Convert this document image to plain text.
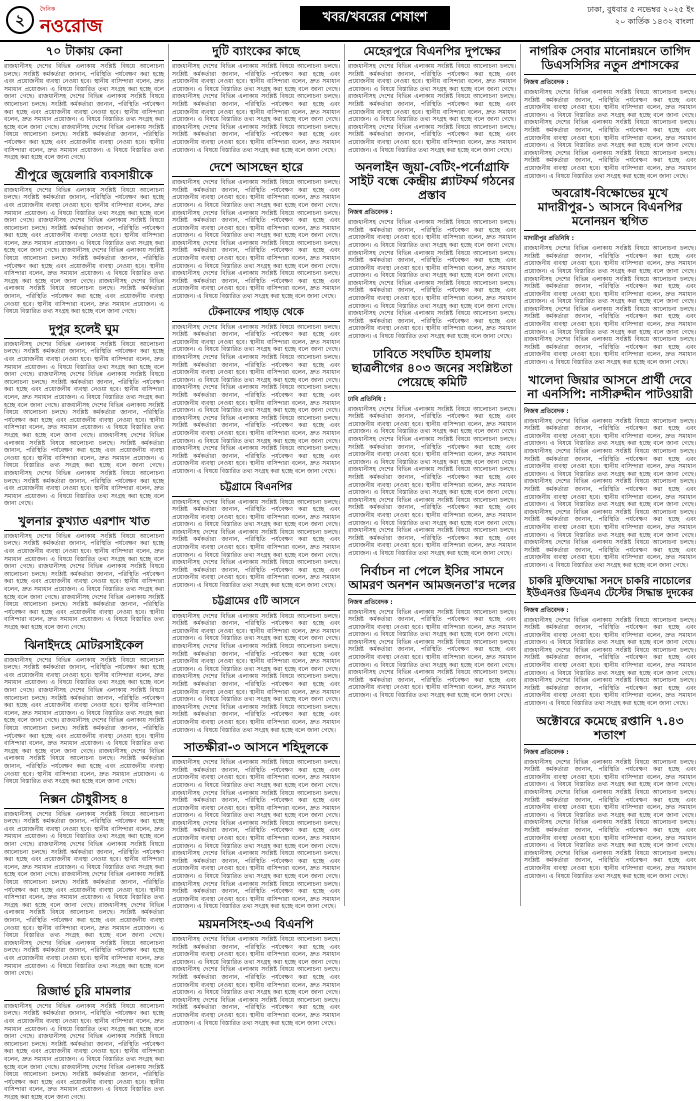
২
দৈনিক
নওরোজ	খবর/খবরের শেষাংশ
ঢাকা, বুধবার ৫ নভেম্বর ২০২৫ ইং
২০ কার্তিক ১৪৩২ বাংলা
৭০ টাকায় কেনা

রাজধানীসহ দেশের বিভিন্ন এলাকায় সংশ্লিষ্ট বিষয়ে আলোচনা চলছে। সংশ্লিষ্ট কর্মকর্তারা জানান, পরিস্থিতি পর্যবেক্ষণ করা হচ্ছে এবং প্রয়োজনীয় ব্যবস্থা নেওয়া হবে। স্থানীয় বাসিন্দারা বলেন, দ্রুত সমাধান প্রয়োজন। এ বিষয়ে বিস্তারিত তথ্য সংগ্রহ করা হচ্ছে বলে জানা গেছে। রাজধানীসহ দেশের বিভিন্ন এলাকায় সংশ্লিষ্ট বিষয়ে আলোচনা চলছে। সংশ্লিষ্ট কর্মকর্তারা জানান, পরিস্থিতি পর্যবেক্ষণ করা হচ্ছে এবং প্রয়োজনীয় ব্যবস্থা নেওয়া হবে। স্থানীয় বাসিন্দারা বলেন, দ্রুত সমাধান প্রয়োজন। এ বিষয়ে বিস্তারিত তথ্য সংগ্রহ করা হচ্ছে বলে জানা গেছে। রাজধানীসহ দেশের বিভিন্ন এলাকায় সংশ্লিষ্ট বিষয়ে আলোচনা চলছে। সংশ্লিষ্ট কর্মকর্তারা জানান, পরিস্থিতি পর্যবেক্ষণ করা হচ্ছে এবং প্রয়োজনীয় ব্যবস্থা নেওয়া হবে। স্থানীয় বাসিন্দারা বলেন, দ্রুত সমাধান প্রয়োজন। এ বিষয়ে বিস্তারিত তথ্য সংগ্রহ করা হচ্ছে বলে জানা গেছে।

শ্রীপুরে জুয়েলারি ব্যবসায়ীকে

রাজধানীসহ দেশের বিভিন্ন এলাকায় সংশ্লিষ্ট বিষয়ে আলোচনা চলছে। সংশ্লিষ্ট কর্মকর্তারা জানান, পরিস্থিতি পর্যবেক্ষণ করা হচ্ছে এবং প্রয়োজনীয় ব্যবস্থা নেওয়া হবে। স্থানীয় বাসিন্দারা বলেন, দ্রুত সমাধান প্রয়োজন। এ বিষয়ে বিস্তারিত তথ্য সংগ্রহ করা হচ্ছে বলে জানা গেছে। রাজধানীসহ দেশের বিভিন্ন এলাকায় সংশ্লিষ্ট বিষয়ে আলোচনা চলছে। সংশ্লিষ্ট কর্মকর্তারা জানান, পরিস্থিতি পর্যবেক্ষণ করা হচ্ছে এবং প্রয়োজনীয় ব্যবস্থা নেওয়া হবে। স্থানীয় বাসিন্দারা বলেন, দ্রুত সমাধান প্রয়োজন। এ বিষয়ে বিস্তারিত তথ্য সংগ্রহ করা হচ্ছে বলে জানা গেছে। রাজধানীসহ দেশের বিভিন্ন এলাকায় সংশ্লিষ্ট বিষয়ে আলোচনা চলছে। সংশ্লিষ্ট কর্মকর্তারা জানান, পরিস্থিতি পর্যবেক্ষণ করা হচ্ছে এবং প্রয়োজনীয় ব্যবস্থা নেওয়া হবে। স্থানীয় বাসিন্দারা বলেন, দ্রুত সমাধান প্রয়োজন। এ বিষয়ে বিস্তারিত তথ্য সংগ্রহ করা হচ্ছে বলে জানা গেছে। রাজধানীসহ দেশের বিভিন্ন এলাকায় সংশ্লিষ্ট বিষয়ে আলোচনা চলছে। সংশ্লিষ্ট কর্মকর্তারা জানান, পরিস্থিতি পর্যবেক্ষণ করা হচ্ছে এবং প্রয়োজনীয় ব্যবস্থা নেওয়া হবে। স্থানীয় বাসিন্দারা বলেন, দ্রুত সমাধান প্রয়োজন। এ বিষয়ে বিস্তারিত তথ্য সংগ্রহ করা হচ্ছে বলে জানা গেছে।

দুপুর হলেই ঘুম

রাজধানীসহ দেশের বিভিন্ন এলাকায় সংশ্লিষ্ট বিষয়ে আলোচনা চলছে। সংশ্লিষ্ট কর্মকর্তারা জানান, পরিস্থিতি পর্যবেক্ষণ করা হচ্ছে এবং প্রয়োজনীয় ব্যবস্থা নেওয়া হবে। স্থানীয় বাসিন্দারা বলেন, দ্রুত সমাধান প্রয়োজন। এ বিষয়ে বিস্তারিত তথ্য সংগ্রহ করা হচ্ছে বলে জানা গেছে। রাজধানীসহ দেশের বিভিন্ন এলাকায় সংশ্লিষ্ট বিষয়ে আলোচনা চলছে। সংশ্লিষ্ট কর্মকর্তারা জানান, পরিস্থিতি পর্যবেক্ষণ করা হচ্ছে এবং প্রয়োজনীয় ব্যবস্থা নেওয়া হবে। স্থানীয় বাসিন্দারা বলেন, দ্রুত সমাধান প্রয়োজন। এ বিষয়ে বিস্তারিত তথ্য সংগ্রহ করা হচ্ছে বলে জানা গেছে। রাজধানীসহ দেশের বিভিন্ন এলাকায় সংশ্লিষ্ট বিষয়ে আলোচনা চলছে। সংশ্লিষ্ট কর্মকর্তারা জানান, পরিস্থিতি পর্যবেক্ষণ করা হচ্ছে এবং প্রয়োজনীয় ব্যবস্থা নেওয়া হবে। স্থানীয় বাসিন্দারা বলেন, দ্রুত সমাধান প্রয়োজন। এ বিষয়ে বিস্তারিত তথ্য সংগ্রহ করা হচ্ছে বলে জানা গেছে। রাজধানীসহ দেশের বিভিন্ন এলাকায় সংশ্লিষ্ট বিষয়ে আলোচনা চলছে। সংশ্লিষ্ট কর্মকর্তারা জানান, পরিস্থিতি পর্যবেক্ষণ করা হচ্ছে এবং প্রয়োজনীয় ব্যবস্থা নেওয়া হবে। স্থানীয় বাসিন্দারা বলেন, দ্রুত সমাধান প্রয়োজন। এ বিষয়ে বিস্তারিত তথ্য সংগ্রহ করা হচ্ছে বলে জানা গেছে। রাজধানীসহ দেশের বিভিন্ন এলাকায় সংশ্লিষ্ট বিষয়ে আলোচনা চলছে। সংশ্লিষ্ট কর্মকর্তারা জানান, পরিস্থিতি পর্যবেক্ষণ করা হচ্ছে এবং প্রয়োজনীয় ব্যবস্থা নেওয়া হবে। স্থানীয় বাসিন্দারা বলেন, দ্রুত সমাধান প্রয়োজন। এ বিষয়ে বিস্তারিত তথ্য সংগ্রহ করা হচ্ছে বলে জানা গেছে।

খুলনার কুখ্যাত এরশাদ খাত

রাজধানীসহ দেশের বিভিন্ন এলাকায় সংশ্লিষ্ট বিষয়ে আলোচনা চলছে। সংশ্লিষ্ট কর্মকর্তারা জানান, পরিস্থিতি পর্যবেক্ষণ করা হচ্ছে এবং প্রয়োজনীয় ব্যবস্থা নেওয়া হবে। স্থানীয় বাসিন্দারা বলেন, দ্রুত সমাধান প্রয়োজন। এ বিষয়ে বিস্তারিত তথ্য সংগ্রহ করা হচ্ছে বলে জানা গেছে। রাজধানীসহ দেশের বিভিন্ন এলাকায় সংশ্লিষ্ট বিষয়ে আলোচনা চলছে। সংশ্লিষ্ট কর্মকর্তারা জানান, পরিস্থিতি পর্যবেক্ষণ করা হচ্ছে এবং প্রয়োজনীয় ব্যবস্থা নেওয়া হবে। স্থানীয় বাসিন্দারা বলেন, দ্রুত সমাধান প্রয়োজন। এ বিষয়ে বিস্তারিত তথ্য সংগ্রহ করা হচ্ছে বলে জানা গেছে। রাজধানীসহ দেশের বিভিন্ন এলাকায় সংশ্লিষ্ট বিষয়ে আলোচনা চলছে। সংশ্লিষ্ট কর্মকর্তারা জানান, পরিস্থিতি পর্যবেক্ষণ করা হচ্ছে এবং প্রয়োজনীয় ব্যবস্থা নেওয়া হবে। স্থানীয় বাসিন্দারা বলেন, দ্রুত সমাধান প্রয়োজন। এ বিষয়ে বিস্তারিত তথ্য সংগ্রহ করা হচ্ছে বলে জানা গেছে।

ঝিনাইদহে মোটরসাইকেল

রাজধানীসহ দেশের বিভিন্ন এলাকায় সংশ্লিষ্ট বিষয়ে আলোচনা চলছে। সংশ্লিষ্ট কর্মকর্তারা জানান, পরিস্থিতি পর্যবেক্ষণ করা হচ্ছে এবং প্রয়োজনীয় ব্যবস্থা নেওয়া হবে। স্থানীয় বাসিন্দারা বলেন, দ্রুত সমাধান প্রয়োজন। এ বিষয়ে বিস্তারিত তথ্য সংগ্রহ করা হচ্ছে বলে জানা গেছে। রাজধানীসহ দেশের বিভিন্ন এলাকায় সংশ্লিষ্ট বিষয়ে আলোচনা চলছে। সংশ্লিষ্ট কর্মকর্তারা জানান, পরিস্থিতি পর্যবেক্ষণ করা হচ্ছে এবং প্রয়োজনীয় ব্যবস্থা নেওয়া হবে। স্থানীয় বাসিন্দারা বলেন, দ্রুত সমাধান প্রয়োজন। এ বিষয়ে বিস্তারিত তথ্য সংগ্রহ করা হচ্ছে বলে জানা গেছে। রাজধানীসহ দেশের বিভিন্ন এলাকায় সংশ্লিষ্ট বিষয়ে আলোচনা চলছে। সংশ্লিষ্ট কর্মকর্তারা জানান, পরিস্থিতি পর্যবেক্ষণ করা হচ্ছে এবং প্রয়োজনীয় ব্যবস্থা নেওয়া হবে। স্থানীয় বাসিন্দারা বলেন, দ্রুত সমাধান প্রয়োজন। এ বিষয়ে বিস্তারিত তথ্য সংগ্রহ করা হচ্ছে বলে জানা গেছে। রাজধানীসহ দেশের বিভিন্ন এলাকায় সংশ্লিষ্ট বিষয়ে আলোচনা চলছে। সংশ্লিষ্ট কর্মকর্তারা জানান, পরিস্থিতি পর্যবেক্ষণ করা হচ্ছে এবং প্রয়োজনীয় ব্যবস্থা নেওয়া হবে। স্থানীয় বাসিন্দারা বলেন, দ্রুত সমাধান প্রয়োজন। এ বিষয়ে বিস্তারিত তথ্য সংগ্রহ করা হচ্ছে বলে জানা গেছে।

নিক্সন চৌধুরীসহ ৪

রাজধানীসহ দেশের বিভিন্ন এলাকায় সংশ্লিষ্ট বিষয়ে আলোচনা চলছে। সংশ্লিষ্ট কর্মকর্তারা জানান, পরিস্থিতি পর্যবেক্ষণ করা হচ্ছে এবং প্রয়োজনীয় ব্যবস্থা নেওয়া হবে। স্থানীয় বাসিন্দারা বলেন, দ্রুত সমাধান প্রয়োজন। এ বিষয়ে বিস্তারিত তথ্য সংগ্রহ করা হচ্ছে বলে জানা গেছে। রাজধানীসহ দেশের বিভিন্ন এলাকায় সংশ্লিষ্ট বিষয়ে আলোচনা চলছে। সংশ্লিষ্ট কর্মকর্তারা জানান, পরিস্থিতি পর্যবেক্ষণ করা হচ্ছে এবং প্রয়োজনীয় ব্যবস্থা নেওয়া হবে। স্থানীয় বাসিন্দারা বলেন, দ্রুত সমাধান প্রয়োজন। এ বিষয়ে বিস্তারিত তথ্য সংগ্রহ করা হচ্ছে বলে জানা গেছে। রাজধানীসহ দেশের বিভিন্ন এলাকায় সংশ্লিষ্ট বিষয়ে আলোচনা চলছে। সংশ্লিষ্ট কর্মকর্তারা জানান, পরিস্থিতি পর্যবেক্ষণ করা হচ্ছে এবং প্রয়োজনীয় ব্যবস্থা নেওয়া হবে। স্থানীয় বাসিন্দারা বলেন, দ্রুত সমাধান প্রয়োজন। এ বিষয়ে বিস্তারিত তথ্য সংগ্রহ করা হচ্ছে বলে জানা গেছে। রাজধানীসহ দেশের বিভিন্ন এলাকায় সংশ্লিষ্ট বিষয়ে আলোচনা চলছে। সংশ্লিষ্ট কর্মকর্তারা জানান, পরিস্থিতি পর্যবেক্ষণ করা হচ্ছে এবং প্রয়োজনীয় ব্যবস্থা নেওয়া হবে। স্থানীয় বাসিন্দারা বলেন, দ্রুত সমাধান প্রয়োজন। এ বিষয়ে বিস্তারিত তথ্য সংগ্রহ করা হচ্ছে বলে জানা গেছে। রাজধানীসহ দেশের বিভিন্ন এলাকায় সংশ্লিষ্ট বিষয়ে আলোচনা চলছে। সংশ্লিষ্ট কর্মকর্তারা জানান, পরিস্থিতি পর্যবেক্ষণ করা হচ্ছে এবং প্রয়োজনীয় ব্যবস্থা নেওয়া হবে। স্থানীয় বাসিন্দারা বলেন, দ্রুত সমাধান প্রয়োজন। এ বিষয়ে বিস্তারিত তথ্য সংগ্রহ করা হচ্ছে বলে জানা গেছে।

রিজার্ভ চুরি মামলার

রাজধানীসহ দেশের বিভিন্ন এলাকায় সংশ্লিষ্ট বিষয়ে আলোচনা চলছে। সংশ্লিষ্ট কর্মকর্তারা জানান, পরিস্থিতি পর্যবেক্ষণ করা হচ্ছে এবং প্রয়োজনীয় ব্যবস্থা নেওয়া হবে। স্থানীয় বাসিন্দারা বলেন, দ্রুত সমাধান প্রয়োজন। এ বিষয়ে বিস্তারিত তথ্য সংগ্রহ করা হচ্ছে বলে জানা গেছে। রাজধানীসহ দেশের বিভিন্ন এলাকায় সংশ্লিষ্ট বিষয়ে আলোচনা চলছে। সংশ্লিষ্ট কর্মকর্তারা জানান, পরিস্থিতি পর্যবেক্ষণ করা হচ্ছে এবং প্রয়োজনীয় ব্যবস্থা নেওয়া হবে। স্থানীয় বাসিন্দারা বলেন, দ্রুত সমাধান প্রয়োজন। এ বিষয়ে বিস্তারিত তথ্য সংগ্রহ করা হচ্ছে বলে জানা গেছে। রাজধানীসহ দেশের বিভিন্ন এলাকায় সংশ্লিষ্ট বিষয়ে আলোচনা চলছে। সংশ্লিষ্ট কর্মকর্তারা জানান, পরিস্থিতি পর্যবেক্ষণ করা হচ্ছে এবং প্রয়োজনীয় ব্যবস্থা নেওয়া হবে। স্থানীয় বাসিন্দারা বলেন, দ্রুত সমাধান প্রয়োজন। এ বিষয়ে বিস্তারিত তথ্য সংগ্রহ করা হচ্ছে বলে জানা গেছে।

দুটি ব্যাংকের কাছে

রাজধানীসহ দেশের বিভিন্ন এলাকায় সংশ্লিষ্ট বিষয়ে আলোচনা চলছে। সংশ্লিষ্ট কর্মকর্তারা জানান, পরিস্থিতি পর্যবেক্ষণ করা হচ্ছে এবং প্রয়োজনীয় ব্যবস্থা নেওয়া হবে। স্থানীয় বাসিন্দারা বলেন, দ্রুত সমাধান প্রয়োজন। এ বিষয়ে বিস্তারিত তথ্য সংগ্রহ করা হচ্ছে বলে জানা গেছে। রাজধানীসহ দেশের বিভিন্ন এলাকায় সংশ্লিষ্ট বিষয়ে আলোচনা চলছে। সংশ্লিষ্ট কর্মকর্তারা জানান, পরিস্থিতি পর্যবেক্ষণ করা হচ্ছে এবং প্রয়োজনীয় ব্যবস্থা নেওয়া হবে। স্থানীয় বাসিন্দারা বলেন, দ্রুত সমাধান প্রয়োজন। এ বিষয়ে বিস্তারিত তথ্য সংগ্রহ করা হচ্ছে বলে জানা গেছে। রাজধানীসহ দেশের বিভিন্ন এলাকায় সংশ্লিষ্ট বিষয়ে আলোচনা চলছে। সংশ্লিষ্ট কর্মকর্তারা জানান, পরিস্থিতি পর্যবেক্ষণ করা হচ্ছে এবং প্রয়োজনীয় ব্যবস্থা নেওয়া হবে। স্থানীয় বাসিন্দারা বলেন, দ্রুত সমাধান প্রয়োজন। এ বিষয়ে বিস্তারিত তথ্য সংগ্রহ করা হচ্ছে বলে জানা গেছে।

দেশে আসছেন হারে

রাজধানীসহ দেশের বিভিন্ন এলাকায় সংশ্লিষ্ট বিষয়ে আলোচনা চলছে। সংশ্লিষ্ট কর্মকর্তারা জানান, পরিস্থিতি পর্যবেক্ষণ করা হচ্ছে এবং প্রয়োজনীয় ব্যবস্থা নেওয়া হবে। স্থানীয় বাসিন্দারা বলেন, দ্রুত সমাধান প্রয়োজন। এ বিষয়ে বিস্তারিত তথ্য সংগ্রহ করা হচ্ছে বলে জানা গেছে। রাজধানীসহ দেশের বিভিন্ন এলাকায় সংশ্লিষ্ট বিষয়ে আলোচনা চলছে। সংশ্লিষ্ট কর্মকর্তারা জানান, পরিস্থিতি পর্যবেক্ষণ করা হচ্ছে এবং প্রয়োজনীয় ব্যবস্থা নেওয়া হবে। স্থানীয় বাসিন্দারা বলেন, দ্রুত সমাধান প্রয়োজন। এ বিষয়ে বিস্তারিত তথ্য সংগ্রহ করা হচ্ছে বলে জানা গেছে। রাজধানীসহ দেশের বিভিন্ন এলাকায় সংশ্লিষ্ট বিষয়ে আলোচনা চলছে। সংশ্লিষ্ট কর্মকর্তারা জানান, পরিস্থিতি পর্যবেক্ষণ করা হচ্ছে এবং প্রয়োজনীয় ব্যবস্থা নেওয়া হবে। স্থানীয় বাসিন্দারা বলেন, দ্রুত সমাধান প্রয়োজন। এ বিষয়ে বিস্তারিত তথ্য সংগ্রহ করা হচ্ছে বলে জানা গেছে। রাজধানীসহ দেশের বিভিন্ন এলাকায় সংশ্লিষ্ট বিষয়ে আলোচনা চলছে। সংশ্লিষ্ট কর্মকর্তারা জানান, পরিস্থিতি পর্যবেক্ষণ করা হচ্ছে এবং প্রয়োজনীয় ব্যবস্থা নেওয়া হবে। স্থানীয় বাসিন্দারা বলেন, দ্রুত সমাধান প্রয়োজন। এ বিষয়ে বিস্তারিত তথ্য সংগ্রহ করা হচ্ছে বলে জানা গেছে।

টেকনাফের পাহাড় থেকে

রাজধানীসহ দেশের বিভিন্ন এলাকায় সংশ্লিষ্ট বিষয়ে আলোচনা চলছে। সংশ্লিষ্ট কর্মকর্তারা জানান, পরিস্থিতি পর্যবেক্ষণ করা হচ্ছে এবং প্রয়োজনীয় ব্যবস্থা নেওয়া হবে। স্থানীয় বাসিন্দারা বলেন, দ্রুত সমাধান প্রয়োজন। এ বিষয়ে বিস্তারিত তথ্য সংগ্রহ করা হচ্ছে বলে জানা গেছে। রাজধানীসহ দেশের বিভিন্ন এলাকায় সংশ্লিষ্ট বিষয়ে আলোচনা চলছে। সংশ্লিষ্ট কর্মকর্তারা জানান, পরিস্থিতি পর্যবেক্ষণ করা হচ্ছে এবং প্রয়োজনীয় ব্যবস্থা নেওয়া হবে। স্থানীয় বাসিন্দারা বলেন, দ্রুত সমাধান প্রয়োজন। এ বিষয়ে বিস্তারিত তথ্য সংগ্রহ করা হচ্ছে বলে জানা গেছে। রাজধানীসহ দেশের বিভিন্ন এলাকায় সংশ্লিষ্ট বিষয়ে আলোচনা চলছে। সংশ্লিষ্ট কর্মকর্তারা জানান, পরিস্থিতি পর্যবেক্ষণ করা হচ্ছে এবং প্রয়োজনীয় ব্যবস্থা নেওয়া হবে। স্থানীয় বাসিন্দারা বলেন, দ্রুত সমাধান প্রয়োজন। এ বিষয়ে বিস্তারিত তথ্য সংগ্রহ করা হচ্ছে বলে জানা গেছে। রাজধানীসহ দেশের বিভিন্ন এলাকায় সংশ্লিষ্ট বিষয়ে আলোচনা চলছে। সংশ্লিষ্ট কর্মকর্তারা জানান, পরিস্থিতি পর্যবেক্ষণ করা হচ্ছে এবং প্রয়োজনীয় ব্যবস্থা নেওয়া হবে। স্থানীয় বাসিন্দারা বলেন, দ্রুত সমাধান প্রয়োজন। এ বিষয়ে বিস্তারিত তথ্য সংগ্রহ করা হচ্ছে বলে জানা গেছে। রাজধানীসহ দেশের বিভিন্ন এলাকায় সংশ্লিষ্ট বিষয়ে আলোচনা চলছে। সংশ্লিষ্ট কর্মকর্তারা জানান, পরিস্থিতি পর্যবেক্ষণ করা হচ্ছে এবং প্রয়োজনীয় ব্যবস্থা নেওয়া হবে। স্থানীয় বাসিন্দারা বলেন, দ্রুত সমাধান প্রয়োজন। এ বিষয়ে বিস্তারিত তথ্য সংগ্রহ করা হচ্ছে বলে জানা গেছে।

চট্টগ্রামে বিএনপির

রাজধানীসহ দেশের বিভিন্ন এলাকায় সংশ্লিষ্ট বিষয়ে আলোচনা চলছে। সংশ্লিষ্ট কর্মকর্তারা জানান, পরিস্থিতি পর্যবেক্ষণ করা হচ্ছে এবং প্রয়োজনীয় ব্যবস্থা নেওয়া হবে। স্থানীয় বাসিন্দারা বলেন, দ্রুত সমাধান প্রয়োজন। এ বিষয়ে বিস্তারিত তথ্য সংগ্রহ করা হচ্ছে বলে জানা গেছে। রাজধানীসহ দেশের বিভিন্ন এলাকায় সংশ্লিষ্ট বিষয়ে আলোচনা চলছে। সংশ্লিষ্ট কর্মকর্তারা জানান, পরিস্থিতি পর্যবেক্ষণ করা হচ্ছে এবং প্রয়োজনীয় ব্যবস্থা নেওয়া হবে। স্থানীয় বাসিন্দারা বলেন, দ্রুত সমাধান প্রয়োজন। এ বিষয়ে বিস্তারিত তথ্য সংগ্রহ করা হচ্ছে বলে জানা গেছে। রাজধানীসহ দেশের বিভিন্ন এলাকায় সংশ্লিষ্ট বিষয়ে আলোচনা চলছে। সংশ্লিষ্ট কর্মকর্তারা জানান, পরিস্থিতি পর্যবেক্ষণ করা হচ্ছে এবং প্রয়োজনীয় ব্যবস্থা নেওয়া হবে। স্থানীয় বাসিন্দারা বলেন, দ্রুত সমাধান প্রয়োজন। এ বিষয়ে বিস্তারিত তথ্য সংগ্রহ করা হচ্ছে বলে জানা গেছে।

চট্টগ্রামের ৫টি আসনে

রাজধানীসহ দেশের বিভিন্ন এলাকায় সংশ্লিষ্ট বিষয়ে আলোচনা চলছে। সংশ্লিষ্ট কর্মকর্তারা জানান, পরিস্থিতি পর্যবেক্ষণ করা হচ্ছে এবং প্রয়োজনীয় ব্যবস্থা নেওয়া হবে। স্থানীয় বাসিন্দারা বলেন, দ্রুত সমাধান প্রয়োজন। এ বিষয়ে বিস্তারিত তথ্য সংগ্রহ করা হচ্ছে বলে জানা গেছে। রাজধানীসহ দেশের বিভিন্ন এলাকায় সংশ্লিষ্ট বিষয়ে আলোচনা চলছে। সংশ্লিষ্ট কর্মকর্তারা জানান, পরিস্থিতি পর্যবেক্ষণ করা হচ্ছে এবং প্রয়োজনীয় ব্যবস্থা নেওয়া হবে। স্থানীয় বাসিন্দারা বলেন, দ্রুত সমাধান প্রয়োজন। এ বিষয়ে বিস্তারিত তথ্য সংগ্রহ করা হচ্ছে বলে জানা গেছে। রাজধানীসহ দেশের বিভিন্ন এলাকায় সংশ্লিষ্ট বিষয়ে আলোচনা চলছে। সংশ্লিষ্ট কর্মকর্তারা জানান, পরিস্থিতি পর্যবেক্ষণ করা হচ্ছে এবং প্রয়োজনীয় ব্যবস্থা নেওয়া হবে। স্থানীয় বাসিন্দারা বলেন, দ্রুত সমাধান প্রয়োজন। এ বিষয়ে বিস্তারিত তথ্য সংগ্রহ করা হচ্ছে বলে জানা গেছে। রাজধানীসহ দেশের বিভিন্ন এলাকায় সংশ্লিষ্ট বিষয়ে আলোচনা চলছে। সংশ্লিষ্ট কর্মকর্তারা জানান, পরিস্থিতি পর্যবেক্ষণ করা হচ্ছে এবং প্রয়োজনীয় ব্যবস্থা নেওয়া হবে। স্থানীয় বাসিন্দারা বলেন, দ্রুত সমাধান প্রয়োজন। এ বিষয়ে বিস্তারিত তথ্য সংগ্রহ করা হচ্ছে বলে জানা গেছে।

সাতক্ষীরা-৩ আসনে শহিদুলকে

রাজধানীসহ দেশের বিভিন্ন এলাকায় সংশ্লিষ্ট বিষয়ে আলোচনা চলছে। সংশ্লিষ্ট কর্মকর্তারা জানান, পরিস্থিতি পর্যবেক্ষণ করা হচ্ছে এবং প্রয়োজনীয় ব্যবস্থা নেওয়া হবে। স্থানীয় বাসিন্দারা বলেন, দ্রুত সমাধান প্রয়োজন। এ বিষয়ে বিস্তারিত তথ্য সংগ্রহ করা হচ্ছে বলে জানা গেছে। রাজধানীসহ দেশের বিভিন্ন এলাকায় সংশ্লিষ্ট বিষয়ে আলোচনা চলছে। সংশ্লিষ্ট কর্মকর্তারা জানান, পরিস্থিতি পর্যবেক্ষণ করা হচ্ছে এবং প্রয়োজনীয় ব্যবস্থা নেওয়া হবে। স্থানীয় বাসিন্দারা বলেন, দ্রুত সমাধান প্রয়োজন। এ বিষয়ে বিস্তারিত তথ্য সংগ্রহ করা হচ্ছে বলে জানা গেছে। রাজধানীসহ দেশের বিভিন্ন এলাকায় সংশ্লিষ্ট বিষয়ে আলোচনা চলছে। সংশ্লিষ্ট কর্মকর্তারা জানান, পরিস্থিতি পর্যবেক্ষণ করা হচ্ছে এবং প্রয়োজনীয় ব্যবস্থা নেওয়া হবে। স্থানীয় বাসিন্দারা বলেন, দ্রুত সমাধান প্রয়োজন। এ বিষয়ে বিস্তারিত তথ্য সংগ্রহ করা হচ্ছে বলে জানা গেছে। রাজধানীসহ দেশের বিভিন্ন এলাকায় সংশ্লিষ্ট বিষয়ে আলোচনা চলছে। সংশ্লিষ্ট কর্মকর্তারা জানান, পরিস্থিতি পর্যবেক্ষণ করা হচ্ছে এবং প্রয়োজনীয় ব্যবস্থা নেওয়া হবে। স্থানীয় বাসিন্দারা বলেন, দ্রুত সমাধান প্রয়োজন। এ বিষয়ে বিস্তারিত তথ্য সংগ্রহ করা হচ্ছে বলে জানা গেছে। রাজধানীসহ দেশের বিভিন্ন এলাকায় সংশ্লিষ্ট বিষয়ে আলোচনা চলছে। সংশ্লিষ্ট কর্মকর্তারা জানান, পরিস্থিতি পর্যবেক্ষণ করা হচ্ছে এবং প্রয়োজনীয় ব্যবস্থা নেওয়া হবে। স্থানীয় বাসিন্দারা বলেন, দ্রুত সমাধান প্রয়োজন। এ বিষয়ে বিস্তারিত তথ্য সংগ্রহ করা হচ্ছে বলে জানা গেছে।

ময়মনসিংহ-৩এ বিএনপি

রাজধানীসহ দেশের বিভিন্ন এলাকায় সংশ্লিষ্ট বিষয়ে আলোচনা চলছে। সংশ্লিষ্ট কর্মকর্তারা জানান, পরিস্থিতি পর্যবেক্ষণ করা হচ্ছে এবং প্রয়োজনীয় ব্যবস্থা নেওয়া হবে। স্থানীয় বাসিন্দারা বলেন, দ্রুত সমাধান প্রয়োজন। এ বিষয়ে বিস্তারিত তথ্য সংগ্রহ করা হচ্ছে বলে জানা গেছে। রাজধানীসহ দেশের বিভিন্ন এলাকায় সংশ্লিষ্ট বিষয়ে আলোচনা চলছে। সংশ্লিষ্ট কর্মকর্তারা জানান, পরিস্থিতি পর্যবেক্ষণ করা হচ্ছে এবং প্রয়োজনীয় ব্যবস্থা নেওয়া হবে। স্থানীয় বাসিন্দারা বলেন, দ্রুত সমাধান প্রয়োজন। এ বিষয়ে বিস্তারিত তথ্য সংগ্রহ করা হচ্ছে বলে জানা গেছে। রাজধানীসহ দেশের বিভিন্ন এলাকায় সংশ্লিষ্ট বিষয়ে আলোচনা চলছে। সংশ্লিষ্ট কর্মকর্তারা জানান, পরিস্থিতি পর্যবেক্ষণ করা হচ্ছে এবং প্রয়োজনীয় ব্যবস্থা নেওয়া হবে। স্থানীয় বাসিন্দারা বলেন, দ্রুত সমাধান প্রয়োজন। এ বিষয়ে বিস্তারিত তথ্য সংগ্রহ করা হচ্ছে বলে জানা গেছে।

মেহেরপুরে বিএনপির দুপক্ষের

রাজধানীসহ দেশের বিভিন্ন এলাকায় সংশ্লিষ্ট বিষয়ে আলোচনা চলছে। সংশ্লিষ্ট কর্মকর্তারা জানান, পরিস্থিতি পর্যবেক্ষণ করা হচ্ছে এবং প্রয়োজনীয় ব্যবস্থা নেওয়া হবে। স্থানীয় বাসিন্দারা বলেন, দ্রুত সমাধান প্রয়োজন। এ বিষয়ে বিস্তারিত তথ্য সংগ্রহ করা হচ্ছে বলে জানা গেছে। রাজধানীসহ দেশের বিভিন্ন এলাকায় সংশ্লিষ্ট বিষয়ে আলোচনা চলছে। সংশ্লিষ্ট কর্মকর্তারা জানান, পরিস্থিতি পর্যবেক্ষণ করা হচ্ছে এবং প্রয়োজনীয় ব্যবস্থা নেওয়া হবে। স্থানীয় বাসিন্দারা বলেন, দ্রুত সমাধান প্রয়োজন। এ বিষয়ে বিস্তারিত তথ্য সংগ্রহ করা হচ্ছে বলে জানা গেছে। রাজধানীসহ দেশের বিভিন্ন এলাকায় সংশ্লিষ্ট বিষয়ে আলোচনা চলছে। সংশ্লিষ্ট কর্মকর্তারা জানান, পরিস্থিতি পর্যবেক্ষণ করা হচ্ছে এবং প্রয়োজনীয় ব্যবস্থা নেওয়া হবে। স্থানীয় বাসিন্দারা বলেন, দ্রুত সমাধান প্রয়োজন। এ বিষয়ে বিস্তারিত তথ্য সংগ্রহ করা হচ্ছে বলে জানা গেছে।

অনলাইন জুয়া-বেটিং-পর্নোগ্রাফি সাইট বন্ধে কেন্দ্রীয় প্ল্যাটফর্ম গঠনের প্রস্তাব
নিজস্ব প্রতিবেদক :

রাজধানীসহ দেশের বিভিন্ন এলাকায় সংশ্লিষ্ট বিষয়ে আলোচনা চলছে। সংশ্লিষ্ট কর্মকর্তারা জানান, পরিস্থিতি পর্যবেক্ষণ করা হচ্ছে এবং প্রয়োজনীয় ব্যবস্থা নেওয়া হবে। স্থানীয় বাসিন্দারা বলেন, দ্রুত সমাধান প্রয়োজন। এ বিষয়ে বিস্তারিত তথ্য সংগ্রহ করা হচ্ছে বলে জানা গেছে। রাজধানীসহ দেশের বিভিন্ন এলাকায় সংশ্লিষ্ট বিষয়ে আলোচনা চলছে। সংশ্লিষ্ট কর্মকর্তারা জানান, পরিস্থিতি পর্যবেক্ষণ করা হচ্ছে এবং প্রয়োজনীয় ব্যবস্থা নেওয়া হবে। স্থানীয় বাসিন্দারা বলেন, দ্রুত সমাধান প্রয়োজন। এ বিষয়ে বিস্তারিত তথ্য সংগ্রহ করা হচ্ছে বলে জানা গেছে। রাজধানীসহ দেশের বিভিন্ন এলাকায় সংশ্লিষ্ট বিষয়ে আলোচনা চলছে। সংশ্লিষ্ট কর্মকর্তারা জানান, পরিস্থিতি পর্যবেক্ষণ করা হচ্ছে এবং প্রয়োজনীয় ব্যবস্থা নেওয়া হবে। স্থানীয় বাসিন্দারা বলেন, দ্রুত সমাধান প্রয়োজন। এ বিষয়ে বিস্তারিত তথ্য সংগ্রহ করা হচ্ছে বলে জানা গেছে। রাজধানীসহ দেশের বিভিন্ন এলাকায় সংশ্লিষ্ট বিষয়ে আলোচনা চলছে। সংশ্লিষ্ট কর্মকর্তারা জানান, পরিস্থিতি পর্যবেক্ষণ করা হচ্ছে এবং প্রয়োজনীয় ব্যবস্থা নেওয়া হবে। স্থানীয় বাসিন্দারা বলেন, দ্রুত সমাধান প্রয়োজন। এ বিষয়ে বিস্তারিত তথ্য সংগ্রহ করা হচ্ছে বলে জানা গেছে।

ঢাবিতে সংঘটিত হামলায় ছাত্রলীগের ৪০৩ জনের সংশ্লিষ্টতা পেয়েছে কমিটি
ঢাবি প্রতিনিধি :

রাজধানীসহ দেশের বিভিন্ন এলাকায় সংশ্লিষ্ট বিষয়ে আলোচনা চলছে। সংশ্লিষ্ট কর্মকর্তারা জানান, পরিস্থিতি পর্যবেক্ষণ করা হচ্ছে এবং প্রয়োজনীয় ব্যবস্থা নেওয়া হবে। স্থানীয় বাসিন্দারা বলেন, দ্রুত সমাধান প্রয়োজন। এ বিষয়ে বিস্তারিত তথ্য সংগ্রহ করা হচ্ছে বলে জানা গেছে। রাজধানীসহ দেশের বিভিন্ন এলাকায় সংশ্লিষ্ট বিষয়ে আলোচনা চলছে। সংশ্লিষ্ট কর্মকর্তারা জানান, পরিস্থিতি পর্যবেক্ষণ করা হচ্ছে এবং প্রয়োজনীয় ব্যবস্থা নেওয়া হবে। স্থানীয় বাসিন্দারা বলেন, দ্রুত সমাধান প্রয়োজন। এ বিষয়ে বিস্তারিত তথ্য সংগ্রহ করা হচ্ছে বলে জানা গেছে। রাজধানীসহ দেশের বিভিন্ন এলাকায় সংশ্লিষ্ট বিষয়ে আলোচনা চলছে। সংশ্লিষ্ট কর্মকর্তারা জানান, পরিস্থিতি পর্যবেক্ষণ করা হচ্ছে এবং প্রয়োজনীয় ব্যবস্থা নেওয়া হবে। স্থানীয় বাসিন্দারা বলেন, দ্রুত সমাধান প্রয়োজন। এ বিষয়ে বিস্তারিত তথ্য সংগ্রহ করা হচ্ছে বলে জানা গেছে। রাজধানীসহ দেশের বিভিন্ন এলাকায় সংশ্লিষ্ট বিষয়ে আলোচনা চলছে। সংশ্লিষ্ট কর্মকর্তারা জানান, পরিস্থিতি পর্যবেক্ষণ করা হচ্ছে এবং প্রয়োজনীয় ব্যবস্থা নেওয়া হবে। স্থানীয় বাসিন্দারা বলেন, দ্রুত সমাধান প্রয়োজন। এ বিষয়ে বিস্তারিত তথ্য সংগ্রহ করা হচ্ছে বলে জানা গেছে। রাজধানীসহ দেশের বিভিন্ন এলাকায় সংশ্লিষ্ট বিষয়ে আলোচনা চলছে। সংশ্লিষ্ট কর্মকর্তারা জানান, পরিস্থিতি পর্যবেক্ষণ করা হচ্ছে এবং প্রয়োজনীয় ব্যবস্থা নেওয়া হবে। স্থানীয় বাসিন্দারা বলেন, দ্রুত সমাধান প্রয়োজন। এ বিষয়ে বিস্তারিত তথ্য সংগ্রহ করা হচ্ছে বলে জানা গেছে।

নির্বাচন না পেলে ইসির সামনে আমরণ অনশন আমজনতা'র দলের
নিজস্ব প্রতিবেদক :

রাজধানীসহ দেশের বিভিন্ন এলাকায় সংশ্লিষ্ট বিষয়ে আলোচনা চলছে। সংশ্লিষ্ট কর্মকর্তারা জানান, পরিস্থিতি পর্যবেক্ষণ করা হচ্ছে এবং প্রয়োজনীয় ব্যবস্থা নেওয়া হবে। স্থানীয় বাসিন্দারা বলেন, দ্রুত সমাধান প্রয়োজন। এ বিষয়ে বিস্তারিত তথ্য সংগ্রহ করা হচ্ছে বলে জানা গেছে। রাজধানীসহ দেশের বিভিন্ন এলাকায় সংশ্লিষ্ট বিষয়ে আলোচনা চলছে। সংশ্লিষ্ট কর্মকর্তারা জানান, পরিস্থিতি পর্যবেক্ষণ করা হচ্ছে এবং প্রয়োজনীয় ব্যবস্থা নেওয়া হবে। স্থানীয় বাসিন্দারা বলেন, দ্রুত সমাধান প্রয়োজন। এ বিষয়ে বিস্তারিত তথ্য সংগ্রহ করা হচ্ছে বলে জানা গেছে। রাজধানীসহ দেশের বিভিন্ন এলাকায় সংশ্লিষ্ট বিষয়ে আলোচনা চলছে। সংশ্লিষ্ট কর্মকর্তারা জানান, পরিস্থিতি পর্যবেক্ষণ করা হচ্ছে এবং প্রয়োজনীয় ব্যবস্থা নেওয়া হবে। স্থানীয় বাসিন্দারা বলেন, দ্রুত সমাধান প্রয়োজন। এ বিষয়ে বিস্তারিত তথ্য সংগ্রহ করা হচ্ছে বলে জানা গেছে।

নাগরিক সেবার মানোন্নয়নে তাগিদ ডিএসসিসির নতুন প্রশাসকের
নিজস্ব প্রতিবেদক :

রাজধানীসহ দেশের বিভিন্ন এলাকায় সংশ্লিষ্ট বিষয়ে আলোচনা চলছে। সংশ্লিষ্ট কর্মকর্তারা জানান, পরিস্থিতি পর্যবেক্ষণ করা হচ্ছে এবং প্রয়োজনীয় ব্যবস্থা নেওয়া হবে। স্থানীয় বাসিন্দারা বলেন, দ্রুত সমাধান প্রয়োজন। এ বিষয়ে বিস্তারিত তথ্য সংগ্রহ করা হচ্ছে বলে জানা গেছে। রাজধানীসহ দেশের বিভিন্ন এলাকায় সংশ্লিষ্ট বিষয়ে আলোচনা চলছে। সংশ্লিষ্ট কর্মকর্তারা জানান, পরিস্থিতি পর্যবেক্ষণ করা হচ্ছে এবং প্রয়োজনীয় ব্যবস্থা নেওয়া হবে। স্থানীয় বাসিন্দারা বলেন, দ্রুত সমাধান প্রয়োজন। এ বিষয়ে বিস্তারিত তথ্য সংগ্রহ করা হচ্ছে বলে জানা গেছে। রাজধানীসহ দেশের বিভিন্ন এলাকায় সংশ্লিষ্ট বিষয়ে আলোচনা চলছে। সংশ্লিষ্ট কর্মকর্তারা জানান, পরিস্থিতি পর্যবেক্ষণ করা হচ্ছে এবং প্রয়োজনীয় ব্যবস্থা নেওয়া হবে। স্থানীয় বাসিন্দারা বলেন, দ্রুত সমাধান প্রয়োজন। এ বিষয়ে বিস্তারিত তথ্য সংগ্রহ করা হচ্ছে বলে জানা গেছে।

অবরোধ-বিক্ষোভের মুখে মাদারীপুর-১ আসনে বিএনপির মনোনয়ন স্থগিত
মাদারীপুর প্রতিনিধি :

রাজধানীসহ দেশের বিভিন্ন এলাকায় সংশ্লিষ্ট বিষয়ে আলোচনা চলছে। সংশ্লিষ্ট কর্মকর্তারা জানান, পরিস্থিতি পর্যবেক্ষণ করা হচ্ছে এবং প্রয়োজনীয় ব্যবস্থা নেওয়া হবে। স্থানীয় বাসিন্দারা বলেন, দ্রুত সমাধান প্রয়োজন। এ বিষয়ে বিস্তারিত তথ্য সংগ্রহ করা হচ্ছে বলে জানা গেছে। রাজধানীসহ দেশের বিভিন্ন এলাকায় সংশ্লিষ্ট বিষয়ে আলোচনা চলছে। সংশ্লিষ্ট কর্মকর্তারা জানান, পরিস্থিতি পর্যবেক্ষণ করা হচ্ছে এবং প্রয়োজনীয় ব্যবস্থা নেওয়া হবে। স্থানীয় বাসিন্দারা বলেন, দ্রুত সমাধান প্রয়োজন। এ বিষয়ে বিস্তারিত তথ্য সংগ্রহ করা হচ্ছে বলে জানা গেছে। রাজধানীসহ দেশের বিভিন্ন এলাকায় সংশ্লিষ্ট বিষয়ে আলোচনা চলছে। সংশ্লিষ্ট কর্মকর্তারা জানান, পরিস্থিতি পর্যবেক্ষণ করা হচ্ছে এবং প্রয়োজনীয় ব্যবস্থা নেওয়া হবে। স্থানীয় বাসিন্দারা বলেন, দ্রুত সমাধান প্রয়োজন। এ বিষয়ে বিস্তারিত তথ্য সংগ্রহ করা হচ্ছে বলে জানা গেছে। রাজধানীসহ দেশের বিভিন্ন এলাকায় সংশ্লিষ্ট বিষয়ে আলোচনা চলছে। সংশ্লিষ্ট কর্মকর্তারা জানান, পরিস্থিতি পর্যবেক্ষণ করা হচ্ছে এবং প্রয়োজনীয় ব্যবস্থা নেওয়া হবে। স্থানীয় বাসিন্দারা বলেন, দ্রুত সমাধান প্রয়োজন। এ বিষয়ে বিস্তারিত তথ্য সংগ্রহ করা হচ্ছে বলে জানা গেছে।

খালেদা জিয়ার আসনে প্রার্থী দেবে না এনসিপি: নাসীরুদ্দীন পাটওয়ারী
নিজস্ব প্রতিবেদক :

রাজধানীসহ দেশের বিভিন্ন এলাকায় সংশ্লিষ্ট বিষয়ে আলোচনা চলছে। সংশ্লিষ্ট কর্মকর্তারা জানান, পরিস্থিতি পর্যবেক্ষণ করা হচ্ছে এবং প্রয়োজনীয় ব্যবস্থা নেওয়া হবে। স্থানীয় বাসিন্দারা বলেন, দ্রুত সমাধান প্রয়োজন। এ বিষয়ে বিস্তারিত তথ্য সংগ্রহ করা হচ্ছে বলে জানা গেছে। রাজধানীসহ দেশের বিভিন্ন এলাকায় সংশ্লিষ্ট বিষয়ে আলোচনা চলছে। সংশ্লিষ্ট কর্মকর্তারা জানান, পরিস্থিতি পর্যবেক্ষণ করা হচ্ছে এবং প্রয়োজনীয় ব্যবস্থা নেওয়া হবে। স্থানীয় বাসিন্দারা বলেন, দ্রুত সমাধান প্রয়োজন। এ বিষয়ে বিস্তারিত তথ্য সংগ্রহ করা হচ্ছে বলে জানা গেছে। রাজধানীসহ দেশের বিভিন্ন এলাকায় সংশ্লিষ্ট বিষয়ে আলোচনা চলছে। সংশ্লিষ্ট কর্মকর্তারা জানান, পরিস্থিতি পর্যবেক্ষণ করা হচ্ছে এবং প্রয়োজনীয় ব্যবস্থা নেওয়া হবে। স্থানীয় বাসিন্দারা বলেন, দ্রুত সমাধান প্রয়োজন। এ বিষয়ে বিস্তারিত তথ্য সংগ্রহ করা হচ্ছে বলে জানা গেছে। রাজধানীসহ দেশের বিভিন্ন এলাকায় সংশ্লিষ্ট বিষয়ে আলোচনা চলছে। সংশ্লিষ্ট কর্মকর্তারা জানান, পরিস্থিতি পর্যবেক্ষণ করা হচ্ছে এবং প্রয়োজনীয় ব্যবস্থা নেওয়া হবে। স্থানীয় বাসিন্দারা বলেন, দ্রুত সমাধান প্রয়োজন। এ বিষয়ে বিস্তারিত তথ্য সংগ্রহ করা হচ্ছে বলে জানা গেছে। রাজধানীসহ দেশের বিভিন্ন এলাকায় সংশ্লিষ্ট বিষয়ে আলোচনা চলছে। সংশ্লিষ্ট কর্মকর্তারা জানান, পরিস্থিতি পর্যবেক্ষণ করা হচ্ছে এবং প্রয়োজনীয় ব্যবস্থা নেওয়া হবে। স্থানীয় বাসিন্দারা বলেন, দ্রুত সমাধান প্রয়োজন। এ বিষয়ে বিস্তারিত তথ্য সংগ্রহ করা হচ্ছে বলে জানা গেছে।

চাকরি মুক্তিযোদ্ধা সনদে চাকরি নাচোলের ইউএনওর ডিএনএ টেস্টের সিদ্ধান্ত দুদকের
নিজস্ব প্রতিবেদক :

রাজধানীসহ দেশের বিভিন্ন এলাকায় সংশ্লিষ্ট বিষয়ে আলোচনা চলছে। সংশ্লিষ্ট কর্মকর্তারা জানান, পরিস্থিতি পর্যবেক্ষণ করা হচ্ছে এবং প্রয়োজনীয় ব্যবস্থা নেওয়া হবে। স্থানীয় বাসিন্দারা বলেন, দ্রুত সমাধান প্রয়োজন। এ বিষয়ে বিস্তারিত তথ্য সংগ্রহ করা হচ্ছে বলে জানা গেছে। রাজধানীসহ দেশের বিভিন্ন এলাকায় সংশ্লিষ্ট বিষয়ে আলোচনা চলছে। সংশ্লিষ্ট কর্মকর্তারা জানান, পরিস্থিতি পর্যবেক্ষণ করা হচ্ছে এবং প্রয়োজনীয় ব্যবস্থা নেওয়া হবে। স্থানীয় বাসিন্দারা বলেন, দ্রুত সমাধান প্রয়োজন। এ বিষয়ে বিস্তারিত তথ্য সংগ্রহ করা হচ্ছে বলে জানা গেছে। রাজধানীসহ দেশের বিভিন্ন এলাকায় সংশ্লিষ্ট বিষয়ে আলোচনা চলছে। সংশ্লিষ্ট কর্মকর্তারা জানান, পরিস্থিতি পর্যবেক্ষণ করা হচ্ছে এবং প্রয়োজনীয় ব্যবস্থা নেওয়া হবে। স্থানীয় বাসিন্দারা বলেন, দ্রুত সমাধান প্রয়োজন। এ বিষয়ে বিস্তারিত তথ্য সংগ্রহ করা হচ্ছে বলে জানা গেছে।

অক্টোবরে কমেছে রপ্তানি ৭.৪৩ শতাংশ
নিজস্ব প্রতিবেদক :

রাজধানীসহ দেশের বিভিন্ন এলাকায় সংশ্লিষ্ট বিষয়ে আলোচনা চলছে। সংশ্লিষ্ট কর্মকর্তারা জানান, পরিস্থিতি পর্যবেক্ষণ করা হচ্ছে এবং প্রয়োজনীয় ব্যবস্থা নেওয়া হবে। স্থানীয় বাসিন্দারা বলেন, দ্রুত সমাধান প্রয়োজন। এ বিষয়ে বিস্তারিত তথ্য সংগ্রহ করা হচ্ছে বলে জানা গেছে। রাজধানীসহ দেশের বিভিন্ন এলাকায় সংশ্লিষ্ট বিষয়ে আলোচনা চলছে। সংশ্লিষ্ট কর্মকর্তারা জানান, পরিস্থিতি পর্যবেক্ষণ করা হচ্ছে এবং প্রয়োজনীয় ব্যবস্থা নেওয়া হবে। স্থানীয় বাসিন্দারা বলেন, দ্রুত সমাধান প্রয়োজন। এ বিষয়ে বিস্তারিত তথ্য সংগ্রহ করা হচ্ছে বলে জানা গেছে। রাজধানীসহ দেশের বিভিন্ন এলাকায় সংশ্লিষ্ট বিষয়ে আলোচনা চলছে। সংশ্লিষ্ট কর্মকর্তারা জানান, পরিস্থিতি পর্যবেক্ষণ করা হচ্ছে এবং প্রয়োজনীয় ব্যবস্থা নেওয়া হবে। স্থানীয় বাসিন্দারা বলেন, দ্রুত সমাধান প্রয়োজন। এ বিষয়ে বিস্তারিত তথ্য সংগ্রহ করা হচ্ছে বলে জানা গেছে। রাজধানীসহ দেশের বিভিন্ন এলাকায় সংশ্লিষ্ট বিষয়ে আলোচনা চলছে। সংশ্লিষ্ট কর্মকর্তারা জানান, পরিস্থিতি পর্যবেক্ষণ করা হচ্ছে এবং প্রয়োজনীয় ব্যবস্থা নেওয়া হবে। স্থানীয় বাসিন্দারা বলেন, দ্রুত সমাধান প্রয়োজন। এ বিষয়ে বিস্তারিত তথ্য সংগ্রহ করা হচ্ছে বলে জানা গেছে।
